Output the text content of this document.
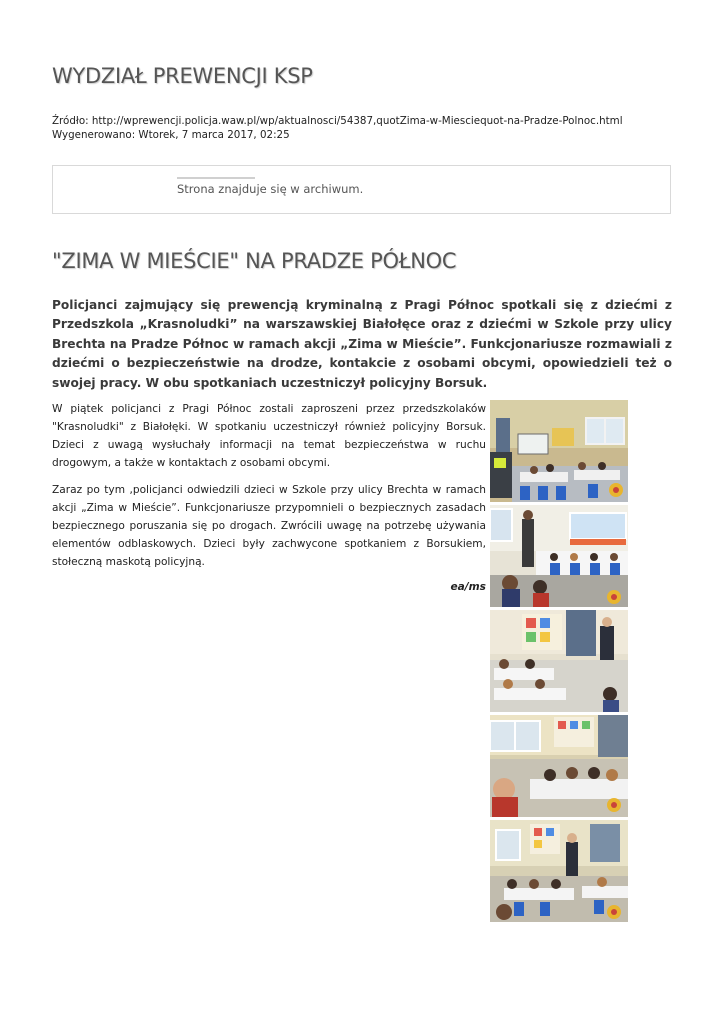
WYDZIAŁ PREWENCJI KSP
Źródło: http://wprewencji.policja.waw.pl/wp/aktualnosci/54387,quotZima-w-Miesciequot-na-Pradze-Polnoc.html
Wygenerowano: Wtorek, 7 marca 2017, 02:25
Strona znajduje się w archiwum.
"ZIMA W MIEŚCIE" NA PRADZE PÓŁNOC

Policjanci zajmujący się prewencją kryminalną z Pragi Północ spotkali się z dziećmi z Przedszkola „Krasnoludki” na warszawskiej Białołęce oraz z dziećmi w Szkole przy ulicy Brechta na Pradze Północ w ramach akcji „Zima w Mieście”. Funkcjonariusze rozmawiali z dziećmi o bezpieczeństwie na drodze, kontakcie z osobami obcymi, opowiedzieli też o swojej pracy. W obu spotkaniach uczestniczył policyjny Borsuk.

W piątek policjanci z Pragi Północ zostali zaproszeni przez przedszkolaków "Krasnoludki" z Białołęki. W spotkaniu uczestniczył również policyjny Borsuk. Dzieci z uwagą wysłuchały informacji na temat bezpieczeństwa w ruchu drogowym, a także w kontaktach z osobami obcymi.

Zaraz po tym ,policjanci odwiedzili dzieci w Szkole przy ulicy Brechta w ramach akcji „Zima w Mieście”. Funkcjonariusze przypomnieli o bezpiecznych zasadach bezpiecznego poruszania się po drogach. Zwrócili uwagę na potrzebę używania elementów odblaskowych. Dzieci były zachwycone spotkaniem z Borsukiem, stołeczną maskotą policyjną.

ea/ms
